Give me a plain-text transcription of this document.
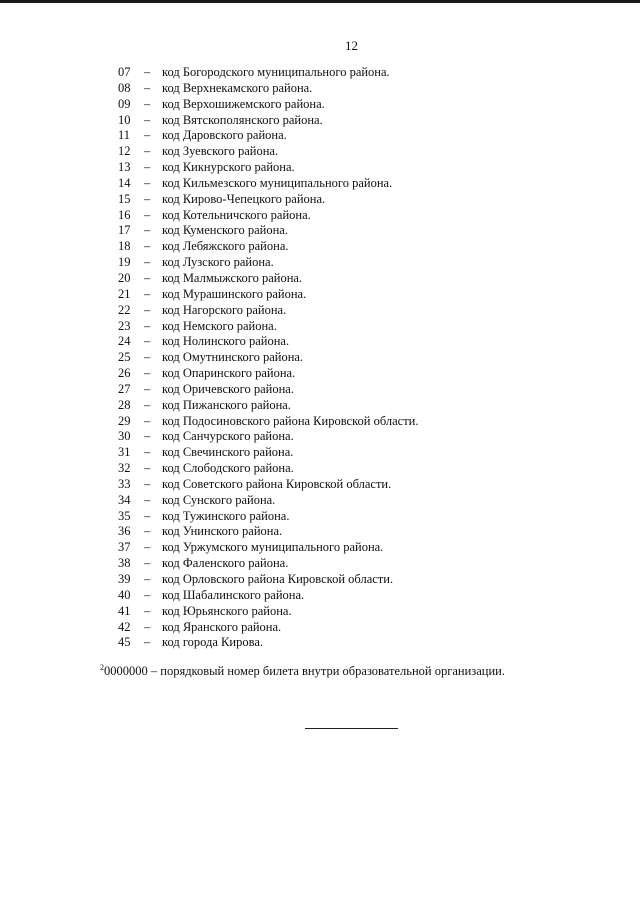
12
07	– код Богородского муниципального района.
08	– код Верхнекамского района.
09	– код Верхошижемского района.
10	– код Вятскополянского района.
11	– код Даровского района.
12	– код Зуевского района.
13	– код Кикнурского района.
14	– код Кильмезского муниципального района.
15	– код Кирово-Чепецкого района.
16	– код Котельничского района.
17	– код Куменского района.
18	– код Лебяжского района.
19	– код Лузского района.
20	– код Малмыжского района.
21	– код Мурашинского района.
22	– код Нагорского района.
23	– код Немского района.
24	– код Нолинского района.
25	– код Омутнинского района.
26	– код Опаринского района.
27	– код Оричевского района.
28	– код Пижанского района.
29	– код Подосиновского района Кировской области.
30	– код Санчурского района.
31	– код Свечинского района.
32	– код Слободского района.
33	– код Советского района Кировской области.
34	– код Сунского района.
35	– код Тужинского района.
36	– код Унинского района.
37	– код Уржумского муниципального района.
38	– код Фаленского района.
39	– код Орловского района Кировской области.
40	– код Шабалинского района.
41	– код Юрьянского района.
42	– код Яранского района.
45	– код города Кирова.
$^2$0000000 – порядковый номер билета внутри образовательной организации.
